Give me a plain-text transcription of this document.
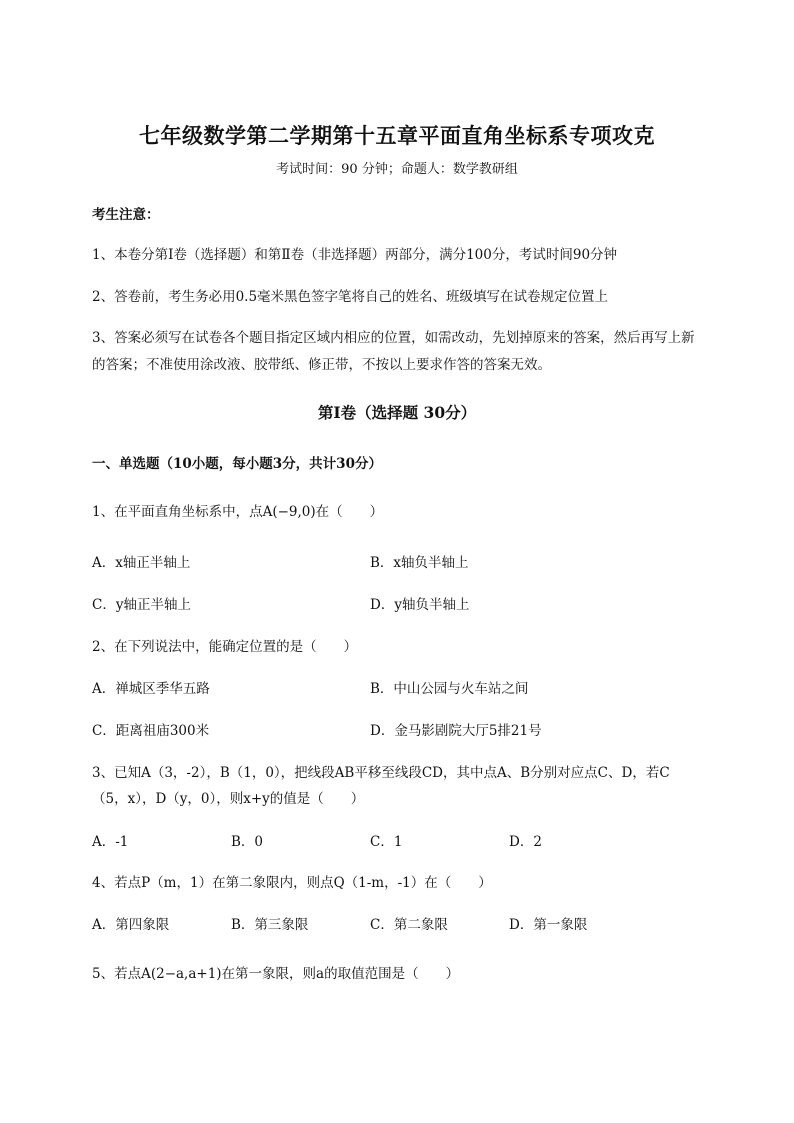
七年级数学第二学期第十五章平面直角坐标系专项攻克
考试时间：90 分钟；命题人：数学教研组
考生注意：
1、本卷分第I卷（选择题）和第Ⅱ卷（非选择题）两部分，满分100分，考试时间90分钟
2、答卷前，考生务必用0.5毫米黑色签字笔将自己的姓名、班级填写在试卷规定位置上
3、答案必须写在试卷各个题目指定区域内相应的位置，如需改动，先划掉原来的答案，然后再写上新
的答案；不准使用涂改液、胶带纸、修正带，不按以上要求作答的答案无效。
第I卷（选择题 30分）
一、单选题（10小题，每小题3分，共计30分）
1、在平面直角坐标系中，点A(−9,0)在（　　）
A．x轴正半轴上	B．x轴负半轴上
C．y轴正半轴上	D．y轴负半轴上
2、在下列说法中，能确定位置的是（　　）
A．禅城区季华五路	B．中山公园与火车站之间
C．距离祖庙300米	D．金马影剧院大厅5排21号
3、已知A（3，-2），B（1，0），把线段AB平移至线段CD，其中点A、B分别对应点C、D，若C
（5，x），D（y，0），则x+y的值是（　　）
A．-1	B．0	C．1	D．2
4、若点P（m，1）在第二象限内，则点Q（1-m，-1）在（　　）
A．第四象限	B．第三象限	C．第二象限	D．第一象限
5、若点A(2−a,a+1)在第一象限，则a的取值范围是（　　）
